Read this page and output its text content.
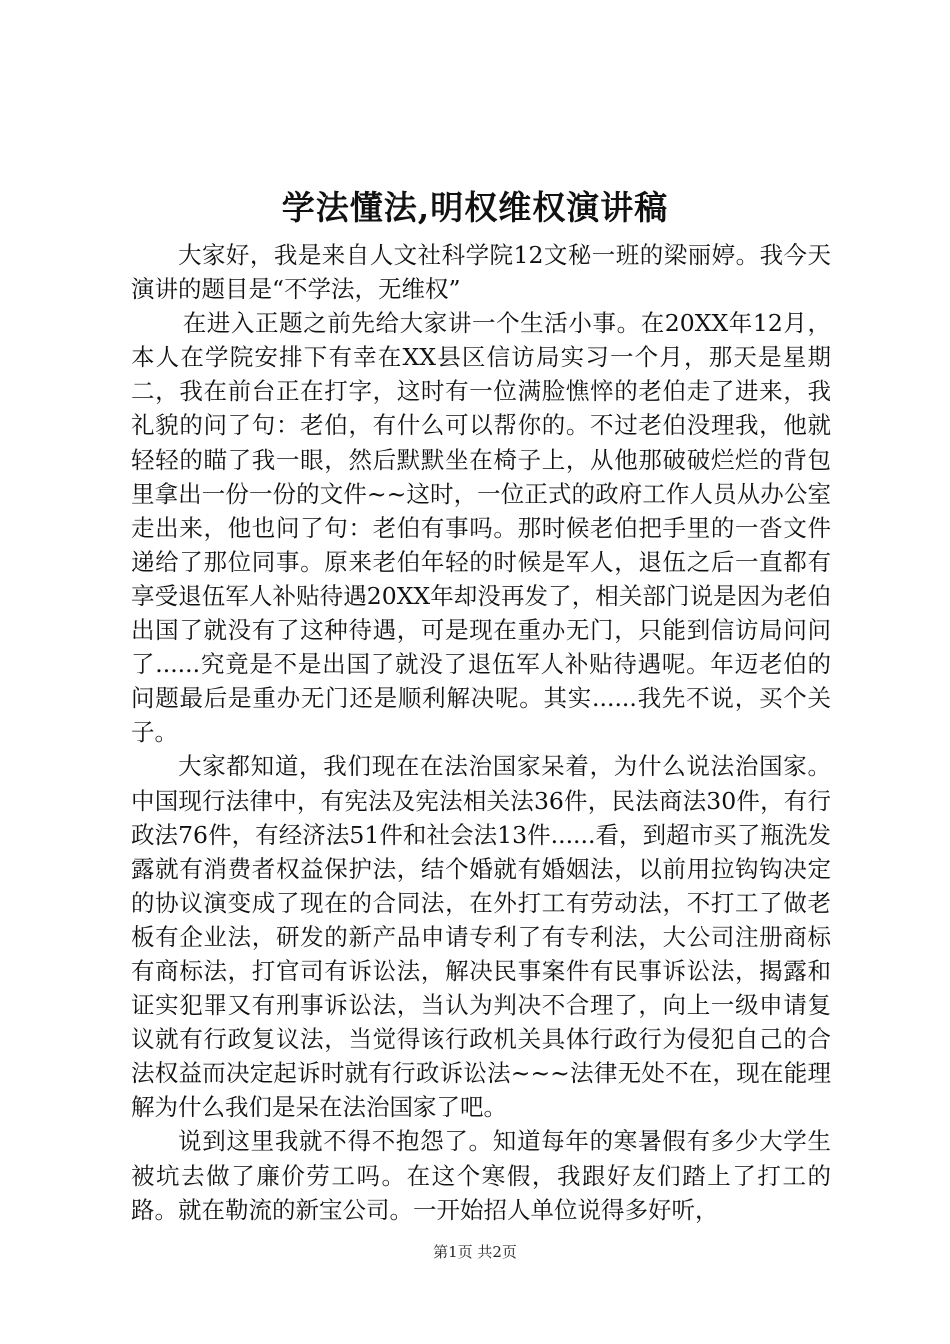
学法懂法,明权维权演讲稿

大家好，我是来自人文社科学院12文秘一班的梁丽婷。我今天演讲的题目是“不学法，无维权”

在进入正题之前先给大家讲一个生活小事。在20XX年12月，本人在学院安排下有幸在XX县区信访局实习一个月，那天是星期二，我在前台正在打字，这时有一位满脸憔悴的老伯走了进来，我礼貌的问了句：老伯，有什么可以帮你的。不过老伯没理我，他就轻轻的瞄了我一眼，然后默默坐在椅子上，从他那破破烂烂的背包里拿出一份一份的文件~~这时，一位正式的政府工作人员从办公室走出来，他也问了句：老伯有事吗。那时候老伯把手里的一沓文件递给了那位同事。原来老伯年轻的时候是军人，退伍之后一直都有享受退伍军人补贴待遇20XX年却没再发了，相关部门说是因为老伯出国了就没有了这种待遇，可是现在重办无门，只能到信访局问问了......究竟是不是出国了就没了退伍军人补贴待遇呢。年迈老伯的问题最后是重办无门还是顺利解决呢。其实......我先不说，买个关子。

大家都知道，我们现在在法治国家呆着，为什么说法治国家。中国现行法律中，有宪法及宪法相关法36件，民法商法30件，有行政法76件，有经济法51件和社会法13件......看，到超市买了瓶洗发露就有消费者权益保护法，结个婚就有婚姻法，以前用拉钩钩决定的协议演变成了现在的合同法，在外打工有劳动法，不打工了做老板有企业法，研发的新产品申请专利了有专利法，大公司注册商标有商标法，打官司有诉讼法，解决民事案件有民事诉讼法，揭露和证实犯罪又有刑事诉讼法，当认为判决不合理了，向上一级申请复议就有行政复议法，当觉得该行政机关具体行政行为侵犯自己的合法权益而决定起诉时就有行政诉讼法~~~法律无处不在，现在能理解为什么我们是呆在法治国家了吧。

说到这里我就不得不抱怨了。知道每年的寒暑假有多少大学生被坑去做了廉价劳工吗。在这个寒假，我跟好友们踏上了打工的路。就在勒流的新宝公司。一开始招人单位说得多好听，

第1页 共2页
